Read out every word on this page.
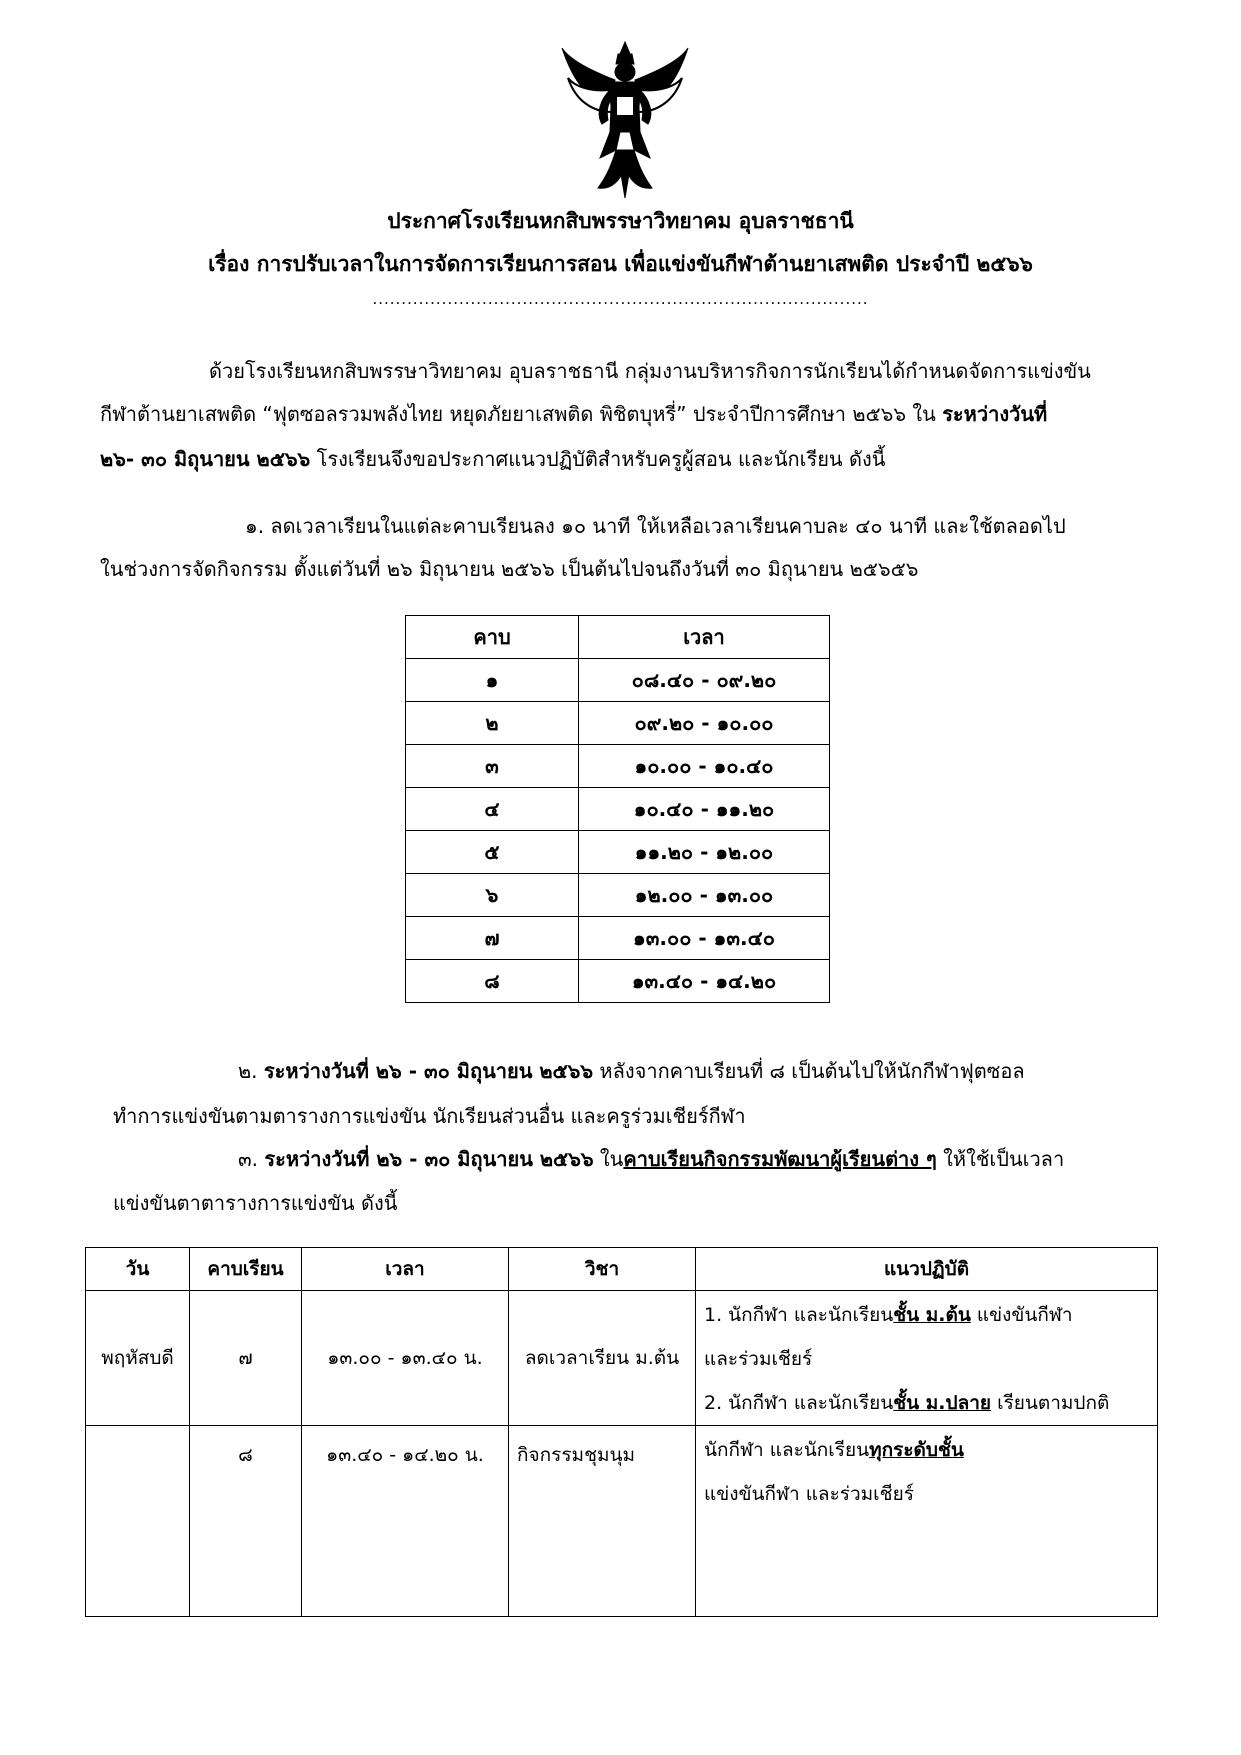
ประกาศโรงเรียนหกสิบพรรษาวิทยาคม อุบลราชธานี
เรื่อง การปรับเวลาในการจัดการเรียนการสอน เพื่อแข่งขันกีฬาต้านยาเสพติด ประจำปี ๒๕๖๖
......................................................................................
ด้วยโรงเรียนหกสิบพรรษาวิทยาคม อุบลราชธานี กลุ่มงานบริหารกิจการนักเรียนได้กำหนดจัดการแข่งขัน
กีฬาต้านยาเสพติด “ฟุตซอลรวมพลังไทย หยุดภัยยาเสพติด พิชิตบุหรี่” ประจำปีการศึกษา ๒๕๖๖ ใน ระหว่างวันที่
๒๖- ๓๐ มิถุนายน ๒๕๖๖ โรงเรียนจึงขอประกาศแนวปฏิบัติสำหรับครูผู้สอน และนักเรียน ดังนี้
๑. ลดเวลาเรียนในแต่ละคาบเรียนลง ๑๐ นาที ให้เหลือเวลาเรียนคาบละ ๔๐ นาที และใช้ตลอดไป
ในช่วงการจัดกิจกรรม ตั้งแต่วันที่ ๒๖ มิถุนายน ๒๕๖๖ เป็นต้นไปจนถึงวันที่ ๓๐ มิถุนายน ๒๕๖๕๖
คาบ	เวลา
๑	๐๘.๔๐ - ๐๙.๒๐
๒	๐๙.๒๐ - ๑๐.๐๐
๓	๑๐.๐๐ - ๑๐.๔๐
๔	๑๐.๔๐ - ๑๑.๒๐
๕	๑๑.๒๐ - ๑๒.๐๐
๖	๑๒.๐๐ - ๑๓.๐๐
๗	๑๓.๐๐ - ๑๓.๔๐
๘	๑๓.๔๐ - ๑๔.๒๐
๒. ระหว่างวันที่ ๒๖ - ๓๐ มิถุนายน ๒๕๖๖ หลังจากคาบเรียนที่ ๘ เป็นต้นไปให้นักกีฬาฟุตซอล
ทำการแข่งขันตามตารางการแข่งขัน นักเรียนส่วนอื่น และครูร่วมเชียร์กีฬา
๓. ระหว่างวันที่ ๒๖ - ๓๐ มิถุนายน ๒๕๖๖ ในคาบเรียนกิจกรรมพัฒนาผู้เรียนต่าง ๆ ให้ใช้เป็นเวลา
แข่งขันตาตารางการแข่งขัน ดังนี้
วัน	คาบเรียน	เวลา	วิชา	แนวปฏิบัติ
พฤหัสบดี	๗	๑๓.๐๐ - ๑๓.๔๐ น.	ลดเวลาเรียน ม.ต้น	1. นักกีฬา และนักเรียนชั้น ม.ต้น แข่งขันกีฬา
และร่วมเชียร์
2. นักกีฬา และนักเรียนชั้น ม.ปลาย เรียนตามปกติ

	๘	๑๓.๔๐ - ๑๔.๒๐ น.	กิจกรรมชุมนุม	นักกีฬา และนักเรียนทุกระดับชั้น
แข่งขันกีฬา และร่วมเชียร์
